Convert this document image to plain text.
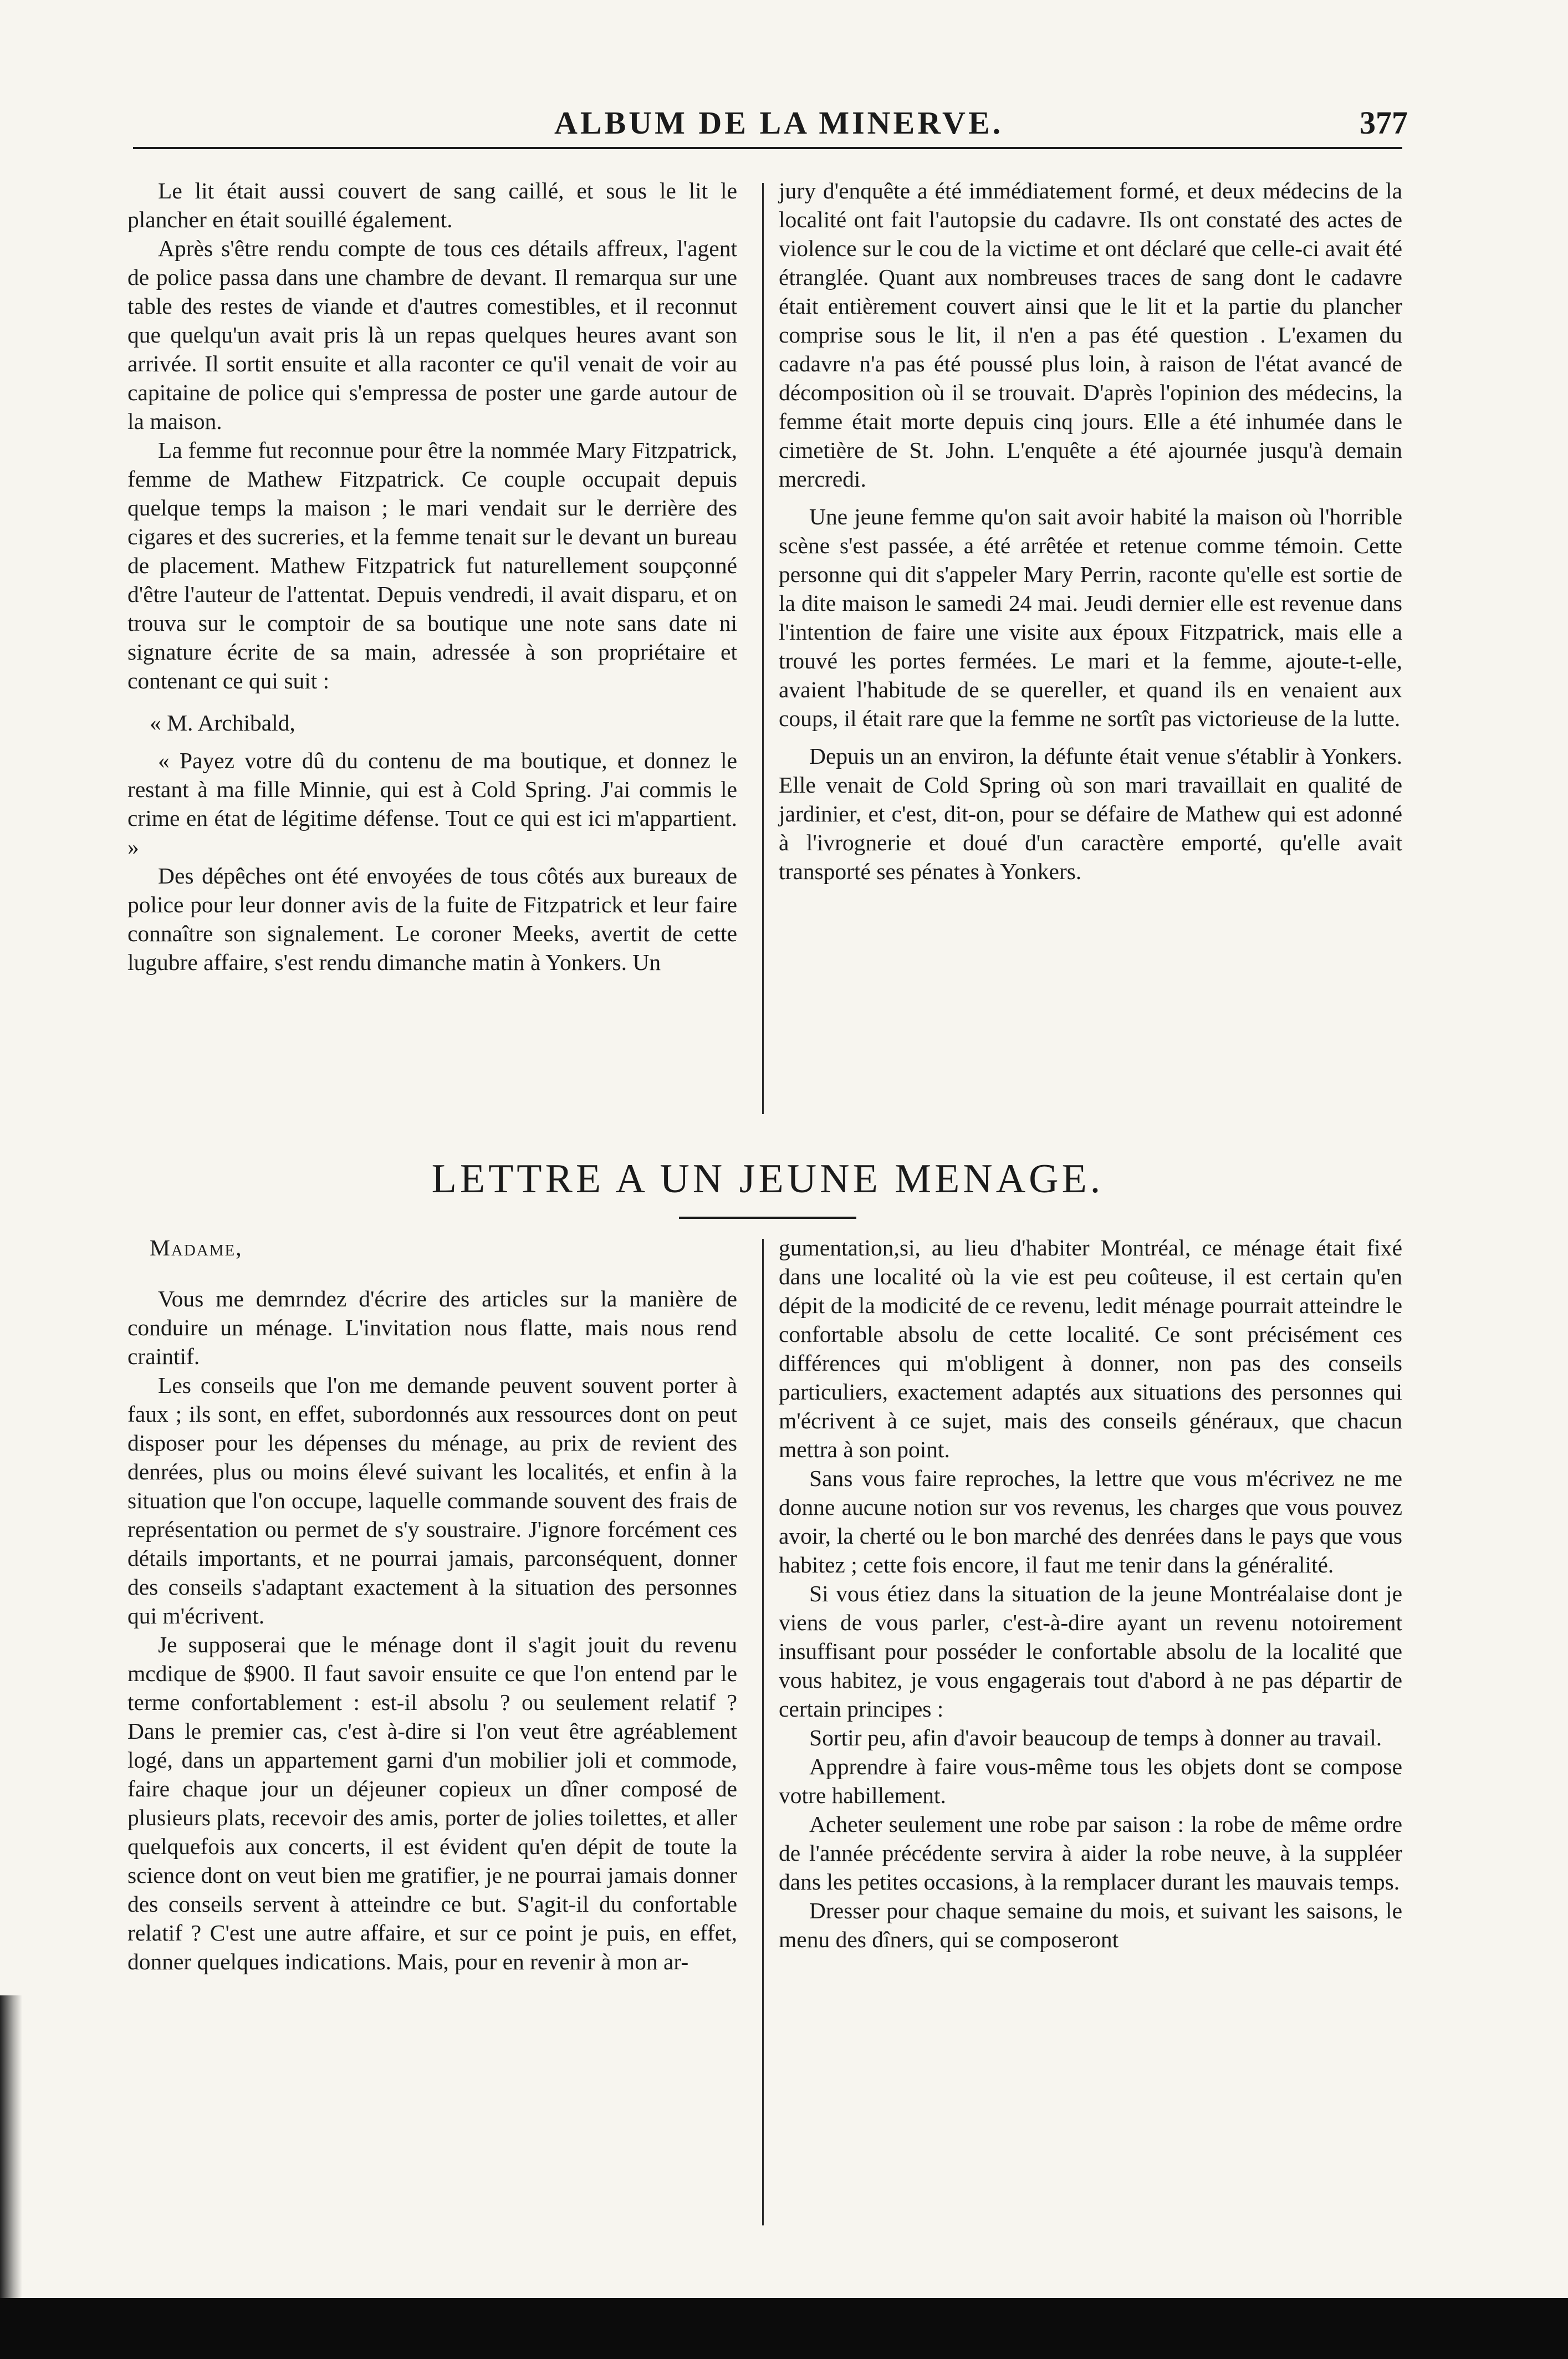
ALBUM DE LA MINERVE.	377

Le lit était aussi couvert de sang caillé, et sous le lit le plancher en était souillé également.

Après s'être rendu compte de tous ces détails affreux, l'agent de police passa dans une chambre de devant. Il remarqua sur une table des restes de viande et d'autres comestibles, et il reconnut que quelqu'un avait pris là un repas quelques heures avant son arrivée. Il sortit ensuite et alla raconter ce qu'il venait de voir au capitaine de police qui s'empressa de poster une garde autour de la maison.

La femme fut reconnue pour être la nommée Mary Fitzpatrick, femme de Mathew Fitzpatrick. Ce couple occupait depuis quelque temps la maison ; le mari vendait sur le derrière des cigares et des sucreries, et la femme tenait sur le devant un bureau de placement. Mathew Fitzpatrick fut naturellement soupçonné d'être l'auteur de l'attentat. Depuis vendredi, il avait disparu, et on trouva sur le comptoir de sa boutique une note sans date ni signature écrite de sa main, adressée à son propriétaire et contenant ce qui suit :

« M. Archibald,

« Payez votre dû du contenu de ma boutique, et donnez le restant à ma fille Minnie, qui est à Cold Spring. J'ai commis le crime en état de légitime défense. Tout ce qui est ici m'appartient. »

Des dépêches ont été envoyées de tous côtés aux bureaux de police pour leur donner avis de la fuite de Fitzpatrick et leur faire connaître son signalement. Le coroner Meeks, avertit de cette lugubre affaire, s'est rendu dimanche matin à Yonkers. Un

jury d'enquête a été immédiatement formé, et deux médecins de la localité ont fait l'autopsie du cadavre. Ils ont constaté des actes de violence sur le cou de la victime et ont déclaré que celle-ci avait été étranglée. Quant aux nombreuses traces de sang dont le cadavre était entièrement couvert ainsi que le lit et la partie du plancher comprise sous le lit, il n'en a pas été question . L'examen du cadavre n'a pas été poussé plus loin, à raison de l'état avancé de décomposition où il se trouvait. D'après l'opinion des médecins, la femme était morte depuis cinq jours. Elle a été inhumée dans le cimetière de St. John. L'enquête a été ajournée jusqu'à demain mercredi.

Une jeune femme qu'on sait avoir habité la maison où l'horrible scène s'est passée, a été arrêtée et retenue comme témoin. Cette personne qui dit s'appeler Mary Perrin, raconte qu'elle est sortie de la dite maison le samedi 24 mai. Jeudi dernier elle est revenue dans l'intention de faire une visite aux époux Fitzpatrick, mais elle a trouvé les portes fermées. Le mari et la femme, ajoute-t-elle, avaient l'habitude de se quereller, et quand ils en venaient aux coups, il était rare que la femme ne sortît pas victorieuse de la lutte.

Depuis un an environ, la défunte était venue s'établir à Yonkers. Elle venait de Cold Spring où son mari travaillait en qualité de jardinier, et c'est, dit-on, pour se défaire de Mathew qui est adonné à l'ivrognerie et doué d'un caractère emporté, qu'elle avait transporté ses pénates à Yonkers.

LETTRE A UN JEUNE MENAGE.

Madame,

Vous me demrndez d'écrire des articles sur la manière de conduire un ménage. L'invitation nous flatte, mais nous rend craintif.

Les conseils que l'on me demande peuvent souvent porter à faux ; ils sont, en effet, subordonnés aux ressources dont on peut disposer pour les dépenses du ménage, au prix de revient des denrées, plus ou moins élevé suivant les localités, et enfin à la situation que l'on occupe, laquelle commande souvent des frais de représentation ou permet de s'y soustraire. J'ignore forcément ces détails importants, et ne pourrai jamais, parconséquent, donner des conseils s'adaptant exactement à la situation des personnes qui m'écrivent.

Je supposerai que le ménage dont il s'agit jouit du revenu mcdique de $900. Il faut savoir ensuite ce que l'on entend par le terme confortablement : est-il absolu ? ou seulement relatif ? Dans le premier cas, c'est à-dire si l'on veut être agréablement logé, dans un appartement garni d'un mobilier joli et commode, faire chaque jour un déjeuner copieux un dîner composé de plusieurs plats, recevoir des amis, porter de jolies toilettes, et aller quelquefois aux concerts, il est évident qu'en dépit de toute la science dont on veut bien me gratifier, je ne pourrai jamais donner des conseils servent à atteindre ce but. S'agit-il du confortable relatif ? C'est une autre affaire, et sur ce point je puis, en effet, donner quelques indications. Mais, pour en revenir à mon ar-

gumentation,si, au lieu d'habiter Montréal, ce ménage était fixé dans une localité où la vie est peu coûteuse, il est certain qu'en dépit de la modicité de ce revenu, ledit ménage pourrait atteindre le confortable absolu de cette localité. Ce sont précisément ces différences qui m'obligent à donner, non pas des conseils particuliers, exactement adaptés aux situations des personnes qui m'écrivent à ce sujet, mais des conseils généraux, que chacun mettra à son point.

Sans vous faire reproches, la lettre que vous m'écrivez ne me donne aucune notion sur vos revenus, les charges que vous pouvez avoir, la cherté ou le bon marché des denrées dans le pays que vous habitez ; cette fois encore, il faut me tenir dans la généralité.

Si vous étiez dans la situation de la jeune Montréalaise dont je viens de vous parler, c'est-à-dire ayant un revenu notoirement insuffisant pour posséder le confortable absolu de la localité que vous habitez, je vous engagerais tout d'abord à ne pas départir de certain principes :

Sortir peu, afin d'avoir beaucoup de temps à donner au travail.

Apprendre à faire vous-même tous les objets dont se compose votre habillement.

Acheter seulement une robe par saison : la robe de même ordre de l'année précédente servira à aider la robe neuve, à la suppléer dans les petites occasions, à la remplacer durant les mauvais temps.

Dresser pour chaque semaine du mois, et suivant les saisons, le menu des dîners, qui se composeront
